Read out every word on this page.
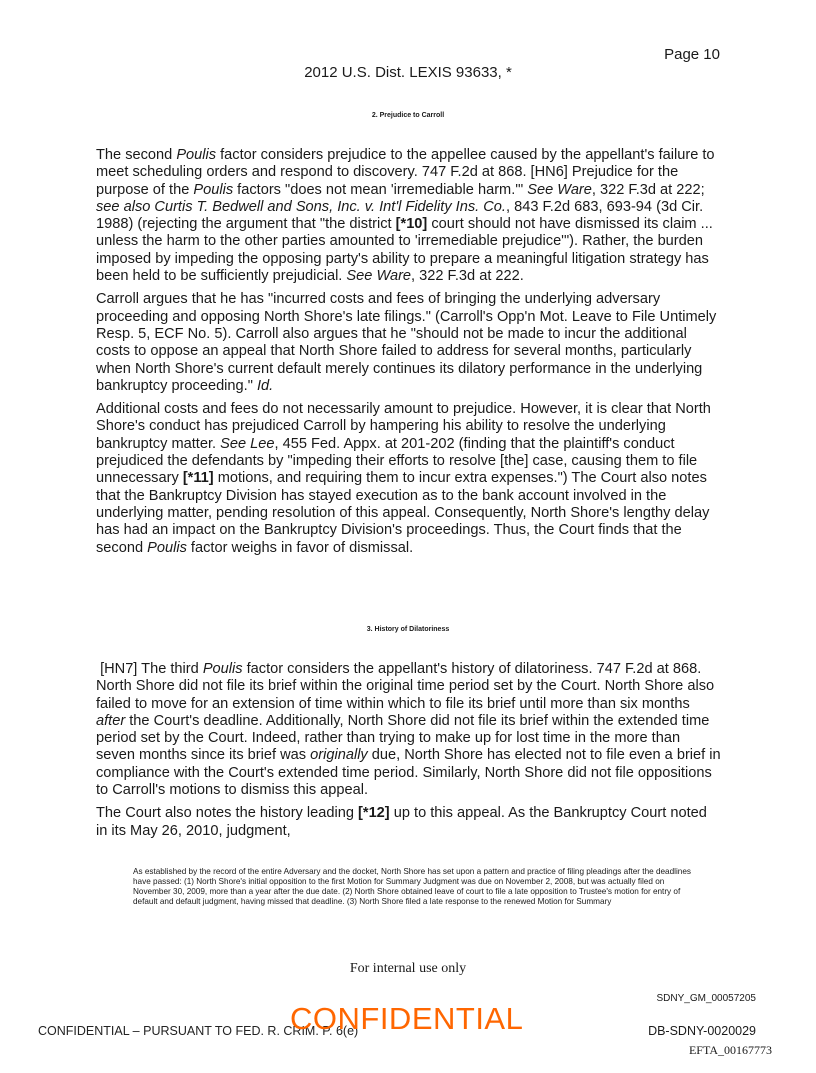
Page 10
2012 U.S. Dist. LEXIS 93633, *
2. Prejudice to Carroll

The second Poulis factor considers prejudice to the appellee caused by the appellant's failure to meet scheduling orders and respond to discovery. 747 F.2d at 868. [HN6] Prejudice for the purpose of the Poulis factors "does not mean 'irremediable harm.'" See Ware, 322 F.3d at 222; see also Curtis T. Bedwell and Sons, Inc. v. Int'l Fidelity Ins. Co., 843 F.2d 683, 693-94 (3d Cir. 1988) (rejecting the argument that "the district [*10] court should not have dismissed its claim ... unless the harm to the other parties amounted to 'irremediable prejudice'"). Rather, the burden imposed by impeding the opposing party's ability to prepare a meaningful litigation strategy has been held to be sufficiently prejudicial. See Ware, 322 F.3d at 222.

Carroll argues that he has "incurred costs and fees of bringing the underlying adversary proceeding and opposing North Shore's late filings." (Carroll's Opp'n Mot. Leave to File Untimely Resp. 5, ECF No. 5). Carroll also argues that he "should not be made to incur the additional costs to oppose an appeal that North Shore failed to address for several months, particularly when North Shore's current default merely continues its dilatory performance in the underlying bankruptcy proceeding." Id.

Additional costs and fees do not necessarily amount to prejudice. However, it is clear that North Shore's conduct has prejudiced Carroll by hampering his ability to resolve the underlying bankruptcy matter. See Lee, 455 Fed. Appx. at 201-202 (finding that the plaintiff's conduct prejudiced the defendants by "impeding their efforts to resolve [the] case, causing them to file unnecessary [*11] motions, and requiring them to incur extra expenses.") The Court also notes that the Bankruptcy Division has stayed execution as to the bank account involved in the underlying matter, pending resolution of this appeal. Consequently, North Shore's lengthy delay has had an impact on the Bankruptcy Division's proceedings. Thus, the Court finds that the second Poulis factor weighs in favor of dismissal.

3. History of Dilatoriness

[HN7] The third Poulis factor considers the appellant's history of dilatoriness. 747 F.2d at 868. North Shore did not file its brief within the original time period set by the Court. North Shore also failed to move for an extension of time within which to file its brief until more than six months after the Court's deadline. Additionally, North Shore did not file its brief within the extended time period set by the Court. Indeed, rather than trying to make up for lost time in the more than seven months since its brief was originally due, North Shore has elected not to file even a brief in compliance with the Court's extended time period. Similarly, North Shore did not file oppositions to Carroll's motions to dismiss this appeal.

The Court also notes the history leading [*12] up to this appeal. As the Bankruptcy Court noted in its May 26, 2010, judgment,

As established by the record of the entire Adversary and the docket, North Shore has set upon a pattern and practice of filing pleadings after the deadlines have passed: (1) North Shore's initial opposition to the first Motion for Summary Judgment was due on November 2, 2008, but was actually filed on November 30, 2009, more than a year after the due date. (2) North Shore obtained leave of court to file a late opposition to Trustee's motion for entry of default and default judgment, having missed that deadline. (3) North Shore filed a late response to the renewed Motion for Summary
For internal use only
SDNY_GM_00057205
CONFIDENTIAL – PURSUANT TO FED. R. CRIM. P. 6(e)
CONFIDENTIAL	DB-SDNY-0020029
EFTA_00167773
